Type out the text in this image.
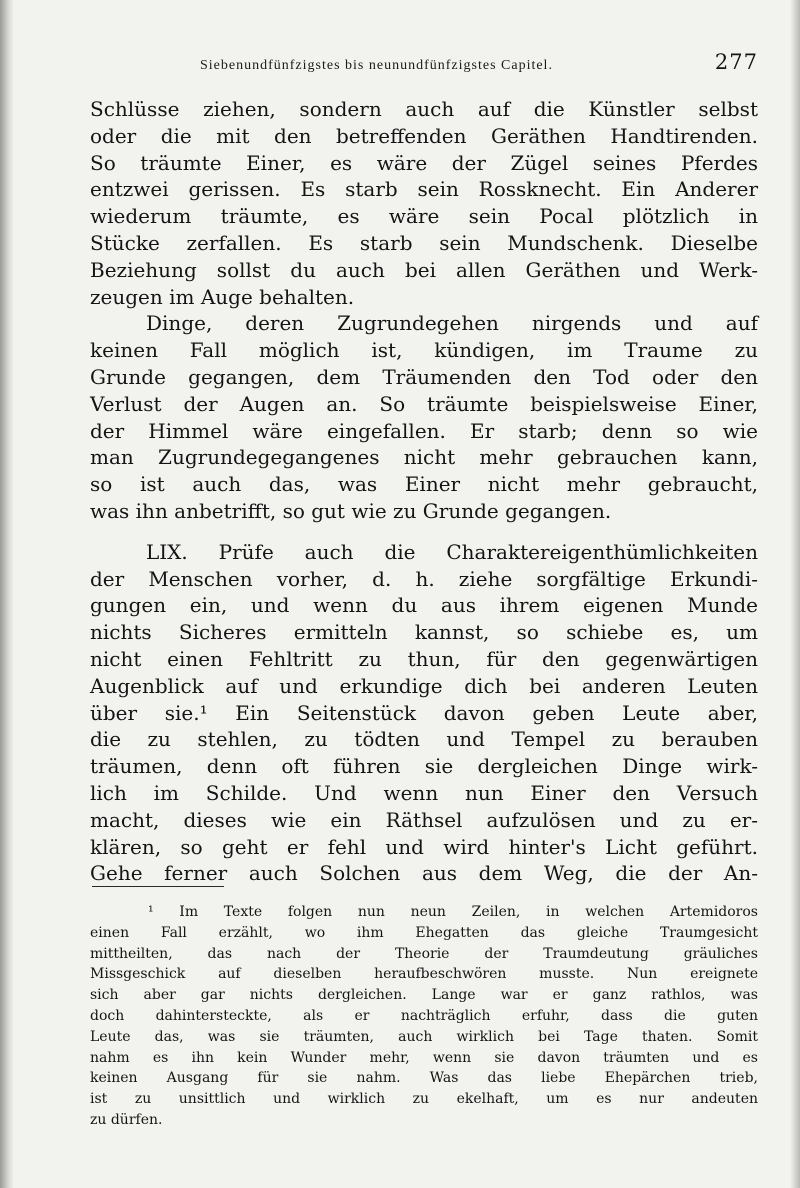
Siebenundfünfzigstes bis neunundfünfzigstes Capitel.	277
Schlüsse ziehen, sondern auch auf die Künstler selbst
oder die mit den betreffenden Geräthen Handtirenden.
So träumte Einer, es wäre der Zügel seines Pferdes
entzwei gerissen. Es starb sein Rossknecht. Ein Anderer
wiederum träumte, es wäre sein Pocal plötzlich in
Stücke zerfallen. Es starb sein Mundschenk. Dieselbe
Beziehung sollst du auch bei allen Geräthen und Werk-
zeugen im Auge behalten.
Dinge, deren Zugrundegehen nirgends und auf
keinen Fall möglich ist, kündigen, im Traume zu
Grunde gegangen, dem Träumenden den Tod oder den
Verlust der Augen an. So träumte beispielsweise Einer,
der Himmel wäre eingefallen. Er starb; denn so wie
man Zugrundegegangenes nicht mehr gebrauchen kann,
so ist auch das, was Einer nicht mehr gebraucht,
was ihn anbetrifft, so gut wie zu Grunde gegangen.
LIX. Prüfe auch die Charaktereigenthümlichkeiten
der Menschen vorher, d. h. ziehe sorgfältige Erkundi-
gungen ein, und wenn du aus ihrem eigenen Munde
nichts Sicheres ermitteln kannst, so schiebe es, um
nicht einen Fehltritt zu thun, für den gegenwärtigen
Augenblick auf und erkundige dich bei anderen Leuten
über sie.¹ Ein Seitenstück davon geben Leute aber,
die zu stehlen, zu tödten und Tempel zu berauben
träumen, denn oft führen sie dergleichen Dinge wirk-
lich im Schilde. Und wenn nun Einer den Versuch
macht, dieses wie ein Räthsel aufzulösen und zu er-
klären, so geht er fehl und wird hinter's Licht geführt.
Gehe ferner auch Solchen aus dem Weg, die der An-
¹ Im Texte folgen nun neun Zeilen, in welchen Artemidoros
einen Fall erzählt, wo ihm Ehegatten das gleiche Traumgesicht
mittheilten, das nach der Theorie der Traumdeutung gräuliches
Missgeschick auf dieselben heraufbeschwören musste. Nun ereignete
sich aber gar nichts dergleichen. Lange war er ganz rathlos, was
doch dahintersteckte, als er nachträglich erfuhr, dass die guten
Leute das, was sie träumten, auch wirklich bei Tage thaten. Somit
nahm es ihn kein Wunder mehr, wenn sie davon träumten und es
keinen Ausgang für sie nahm. Was das liebe Ehepärchen trieb,
ist zu unsittlich und wirklich zu ekelhaft, um es nur andeuten
zu dürfen.
